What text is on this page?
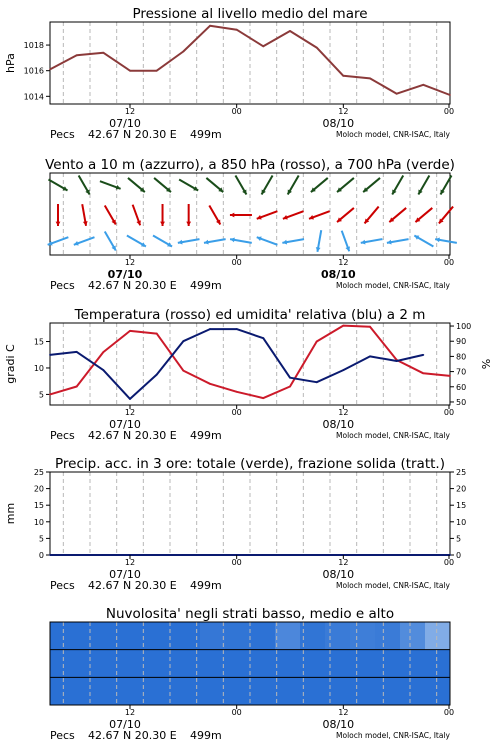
Pressione al livello medio del mare
1014
1016
1018
hPa
12	00	12	00
07/10	08/10
Pecs 42.67 N 20.30 E 499m	Moloch model, CNR-ISAC, Italy
Vento a 10 m (azzurro), a 850 hPa (rosso), a 700 hPa (verde)
12	00	12	00
07/10	08/10
Pecs 42.67 N 20.30 E 499m	Moloch model, CNR-ISAC, Italy
Temperatura (rosso) ed umidita' relativa (blu) a 2 m
5
10
15
gradi C
50
60
70
80
90
100
%
12	00	12	00
07/10	08/10
Pecs 42.67 N 20.30 E 499m	Moloch model, CNR-ISAC, Italy
Precip. acc. in 3 ore: totale (verde), frazione solida (tratt.)
0	0
5	5
10	10
15	15
20	20
25	25
mm
12	00	12	00
07/10	08/10
Pecs 42.67 N 20.30 E 499m	Moloch model, CNR-ISAC, Italy
Nuvolosita' negli strati basso, medio e alto
12	00	12	00
07/10	08/10
Pecs 42.67 N 20.30 E 499m	Moloch model, CNR-ISAC, Italy
